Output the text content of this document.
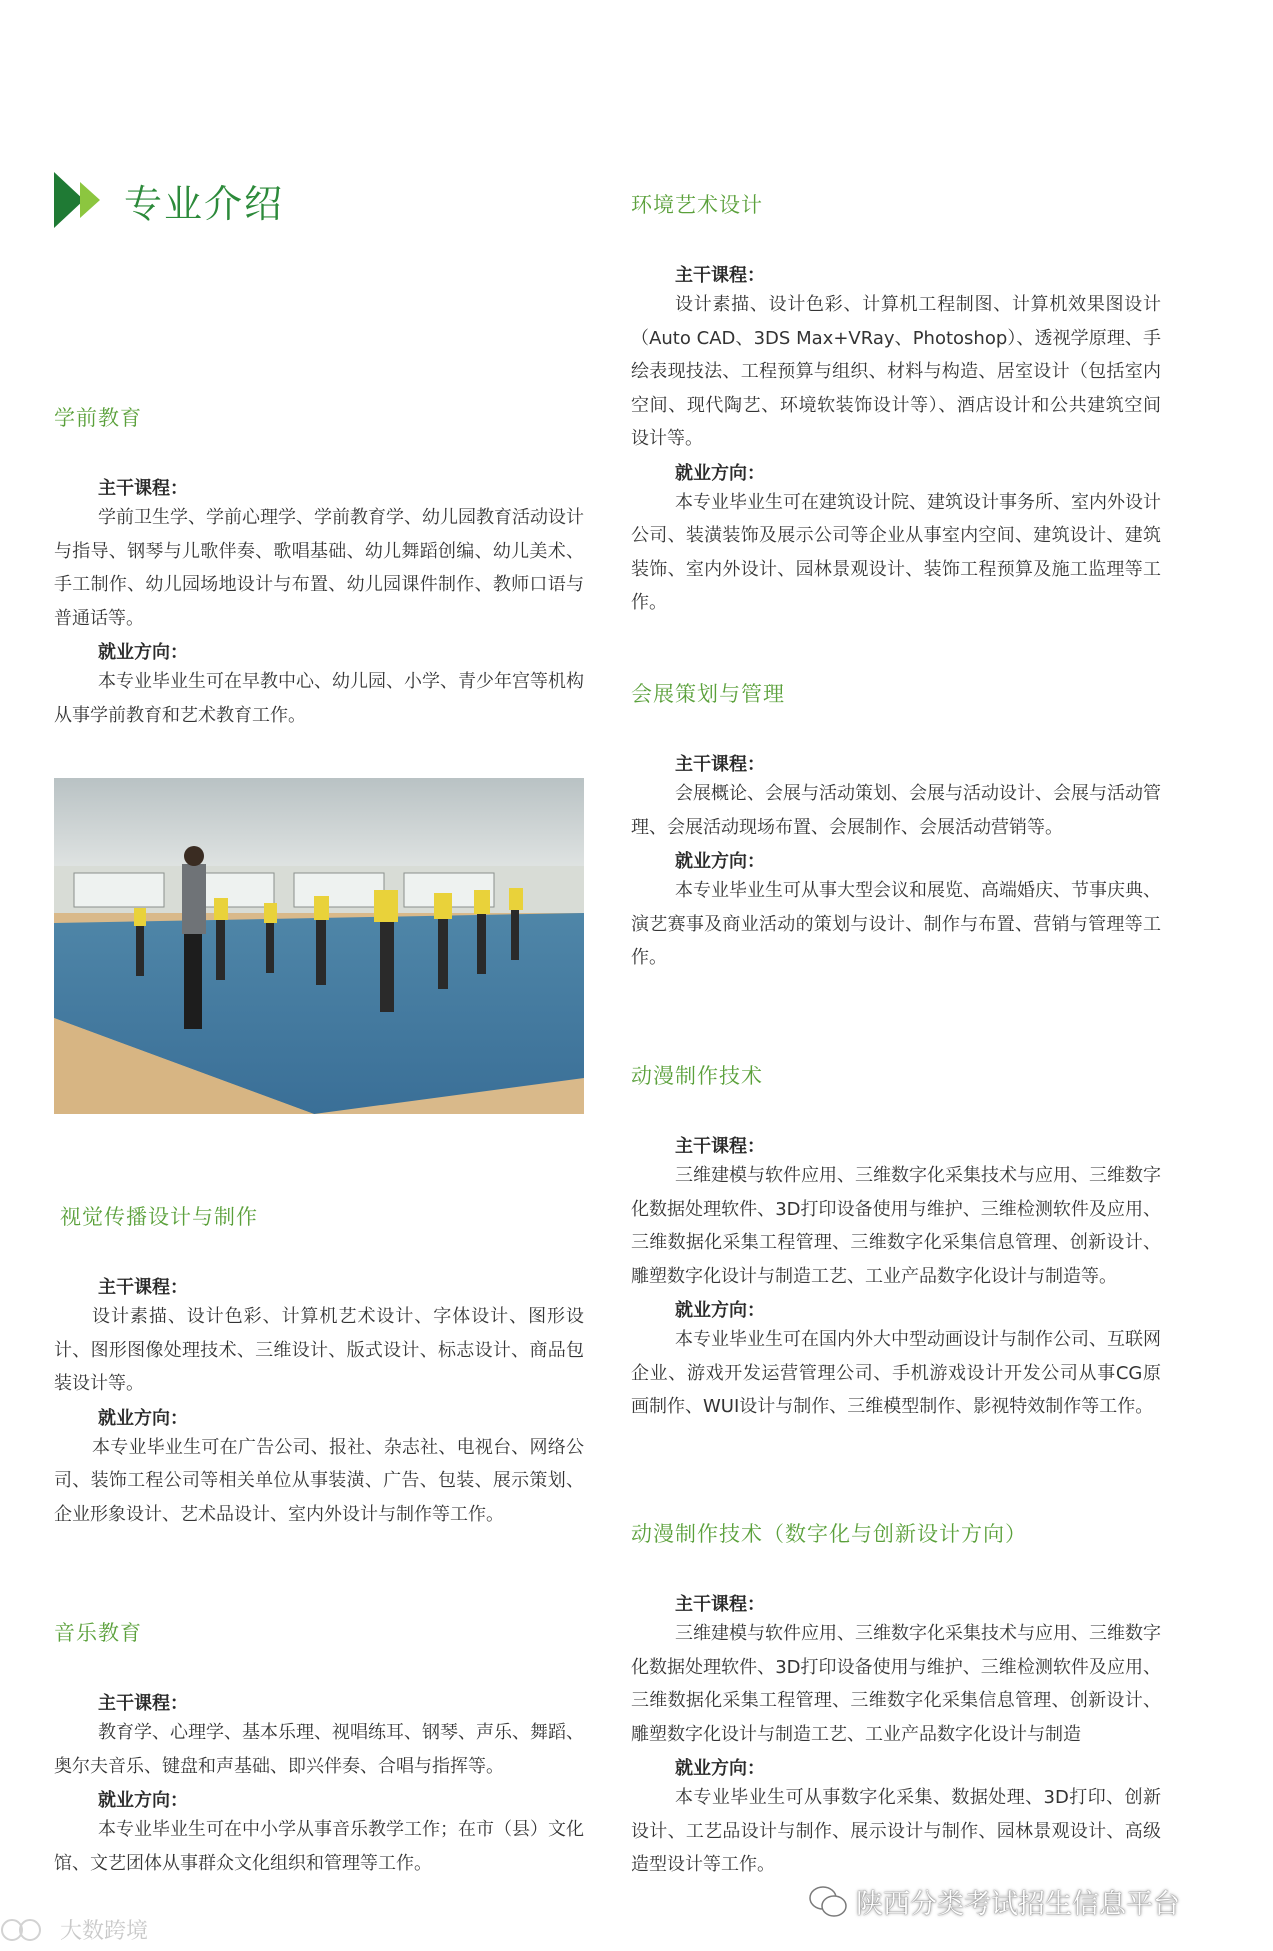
专业介绍

学前教育

主干课程：

学前卫生学、学前心理学、学前教育学、幼儿园教育活动设计与指导、钢琴与儿歌伴奏、歌唱基础、幼儿舞蹈创编、幼儿美术、手工制作、幼儿园场地设计与布置、幼儿园课件制作、教师口语与普通话等。

就业方向：

本专业毕业生可在早教中心、幼儿园、小学、青少年宫等机构从事学前教育和艺术教育工作。

视觉传播设计与制作

主干课程：

设计素描、设计色彩、计算机艺术设计、字体设计、图形设计、图形图像处理技术、三维设计、版式设计、标志设计、商品包装设计等。

就业方向：

本专业毕业生可在广告公司、报社、杂志社、电视台、网络公司、装饰工程公司等相关单位从事装潢、广告、包装、展示策划、企业形象设计、艺术品设计、室内外设计与制作等工作。

音乐教育

主干课程：

教育学、心理学、基本乐理、视唱练耳、钢琴、声乐、舞蹈、奥尔夫音乐、键盘和声基础、即兴伴奏、合唱与指挥等。

就业方向：

本专业毕业生可在中小学从事音乐教学工作；在市（县）文化馆、文艺团体从事群众文化组织和管理等工作。

环境艺术设计

主干课程：

设计素描、设计色彩、计算机工程制图、计算机效果图设计（Auto CAD、3DS Max+VRay、Photoshop）、透视学原理、手绘表现技法、工程预算与组织、材料与构造、居室设计（包括室内空间、现代陶艺、环境软装饰设计等）、酒店设计和公共建筑空间设计等。

就业方向：

本专业毕业生可在建筑设计院、建筑设计事务所、室内外设计公司、装潢装饰及展示公司等企业从事室内空间、建筑设计、建筑装饰、室内外设计、园林景观设计、装饰工程预算及施工监理等工作。

会展策划与管理

主干课程：

会展概论、会展与活动策划、会展与活动设计、会展与活动管理、会展活动现场布置、会展制作、会展活动营销等。

就业方向：

本专业毕业生可从事大型会议和展览、高端婚庆、节事庆典、演艺赛事及商业活动的策划与设计、制作与布置、营销与管理等工作。

动漫制作技术

主干课程：

三维建模与软件应用、三维数字化采集技术与应用、三维数字化数据处理软件、3D打印设备使用与维护、三维检测软件及应用、三维数据化采集工程管理、三维数字化采集信息管理、创新设计、雕塑数字化设计与制造工艺、工业产品数字化设计与制造等。

就业方向：

本专业毕业生可在国内外大中型动画设计与制作公司、互联网企业、游戏开发运营管理公司、手机游戏设计开发公司从事CG原画制作、WUI设计与制作、三维模型制作、影视特效制作等工作。

动漫制作技术（数字化与创新设计方向）

主干课程：

三维建模与软件应用、三维数字化采集技术与应用、三维数字化数据处理软件、3D打印设备使用与维护、三维检测软件及应用、三维数据化采集工程管理、三维数字化采集信息管理、创新设计、雕塑数字化设计与制造工艺、工业产品数字化设计与制造

就业方向：

本专业毕业生可从事数字化采集、数据处理、3D打印、创新设计、工艺品设计与制作、展示设计与制作、园林景观设计、高级造型设计等工作。

大数跨境
陕西分类考试招生信息平台
